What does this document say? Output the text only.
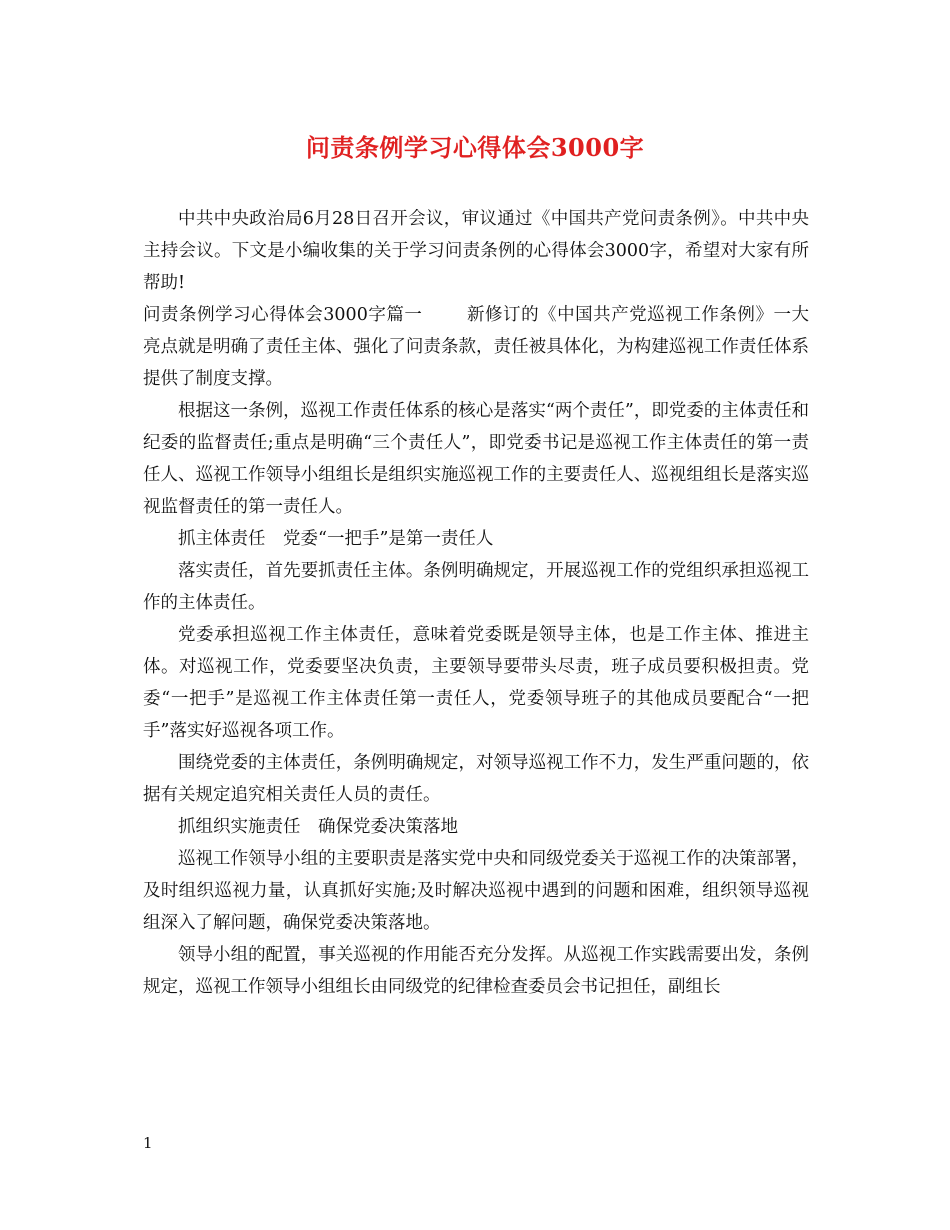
问责条例学习心得体会3000字

中共中央政治局6月28日召开会议，审议通过《中国共产党问责条例》。中共中央主持会议。下文是小编收集的关于学习问责条例的心得体会3000字，希望对大家有所帮助!

问责条例学习心得体会3000字篇一	新修订的《中国共产党巡视工作条例》一大亮点就是明确了责任主体、强化了问责条款，责任被具体化，为构建巡视工作责任体系提供了制度支撑。

根据这一条例，巡视工作责任体系的核心是落实“两个责任”，即党委的主体责任和纪委的监督责任;重点是明确“三个责任人”，即党委书记是巡视工作主体责任的第一责任人、巡视工作领导小组组长是组织实施巡视工作的主要责任人、巡视组组长是落实巡视监督责任的第一责任人。

抓主体责任　党委“一把手”是第一责任人

落实责任，首先要抓责任主体。条例明确规定，开展巡视工作的党组织承担巡视工作的主体责任。

党委承担巡视工作主体责任，意味着党委既是领导主体，也是工作主体、推进主体。对巡视工作，党委要坚决负责，主要领导要带头尽责，班子成员要积极担责。党委“一把手”是巡视工作主体责任第一责任人，党委领导班子的其他成员要配合“一把手”落实好巡视各项工作。

围绕党委的主体责任，条例明确规定，对领导巡视工作不力，发生严重问题的，依据有关规定追究相关责任人员的责任。

抓组织实施责任　确保党委决策落地

巡视工作领导小组的主要职责是落实党中央和同级党委关于巡视工作的决策部署，及时组织巡视力量，认真抓好实施;及时解决巡视中遇到的问题和困难，组织领导巡视组深入了解问题，确保党委决策落地。

领导小组的配置，事关巡视的作用能否充分发挥。从巡视工作实践需要出发，条例规定，巡视工作领导小组组长由同级党的纪律检查委员会书记担任，副组长

1
